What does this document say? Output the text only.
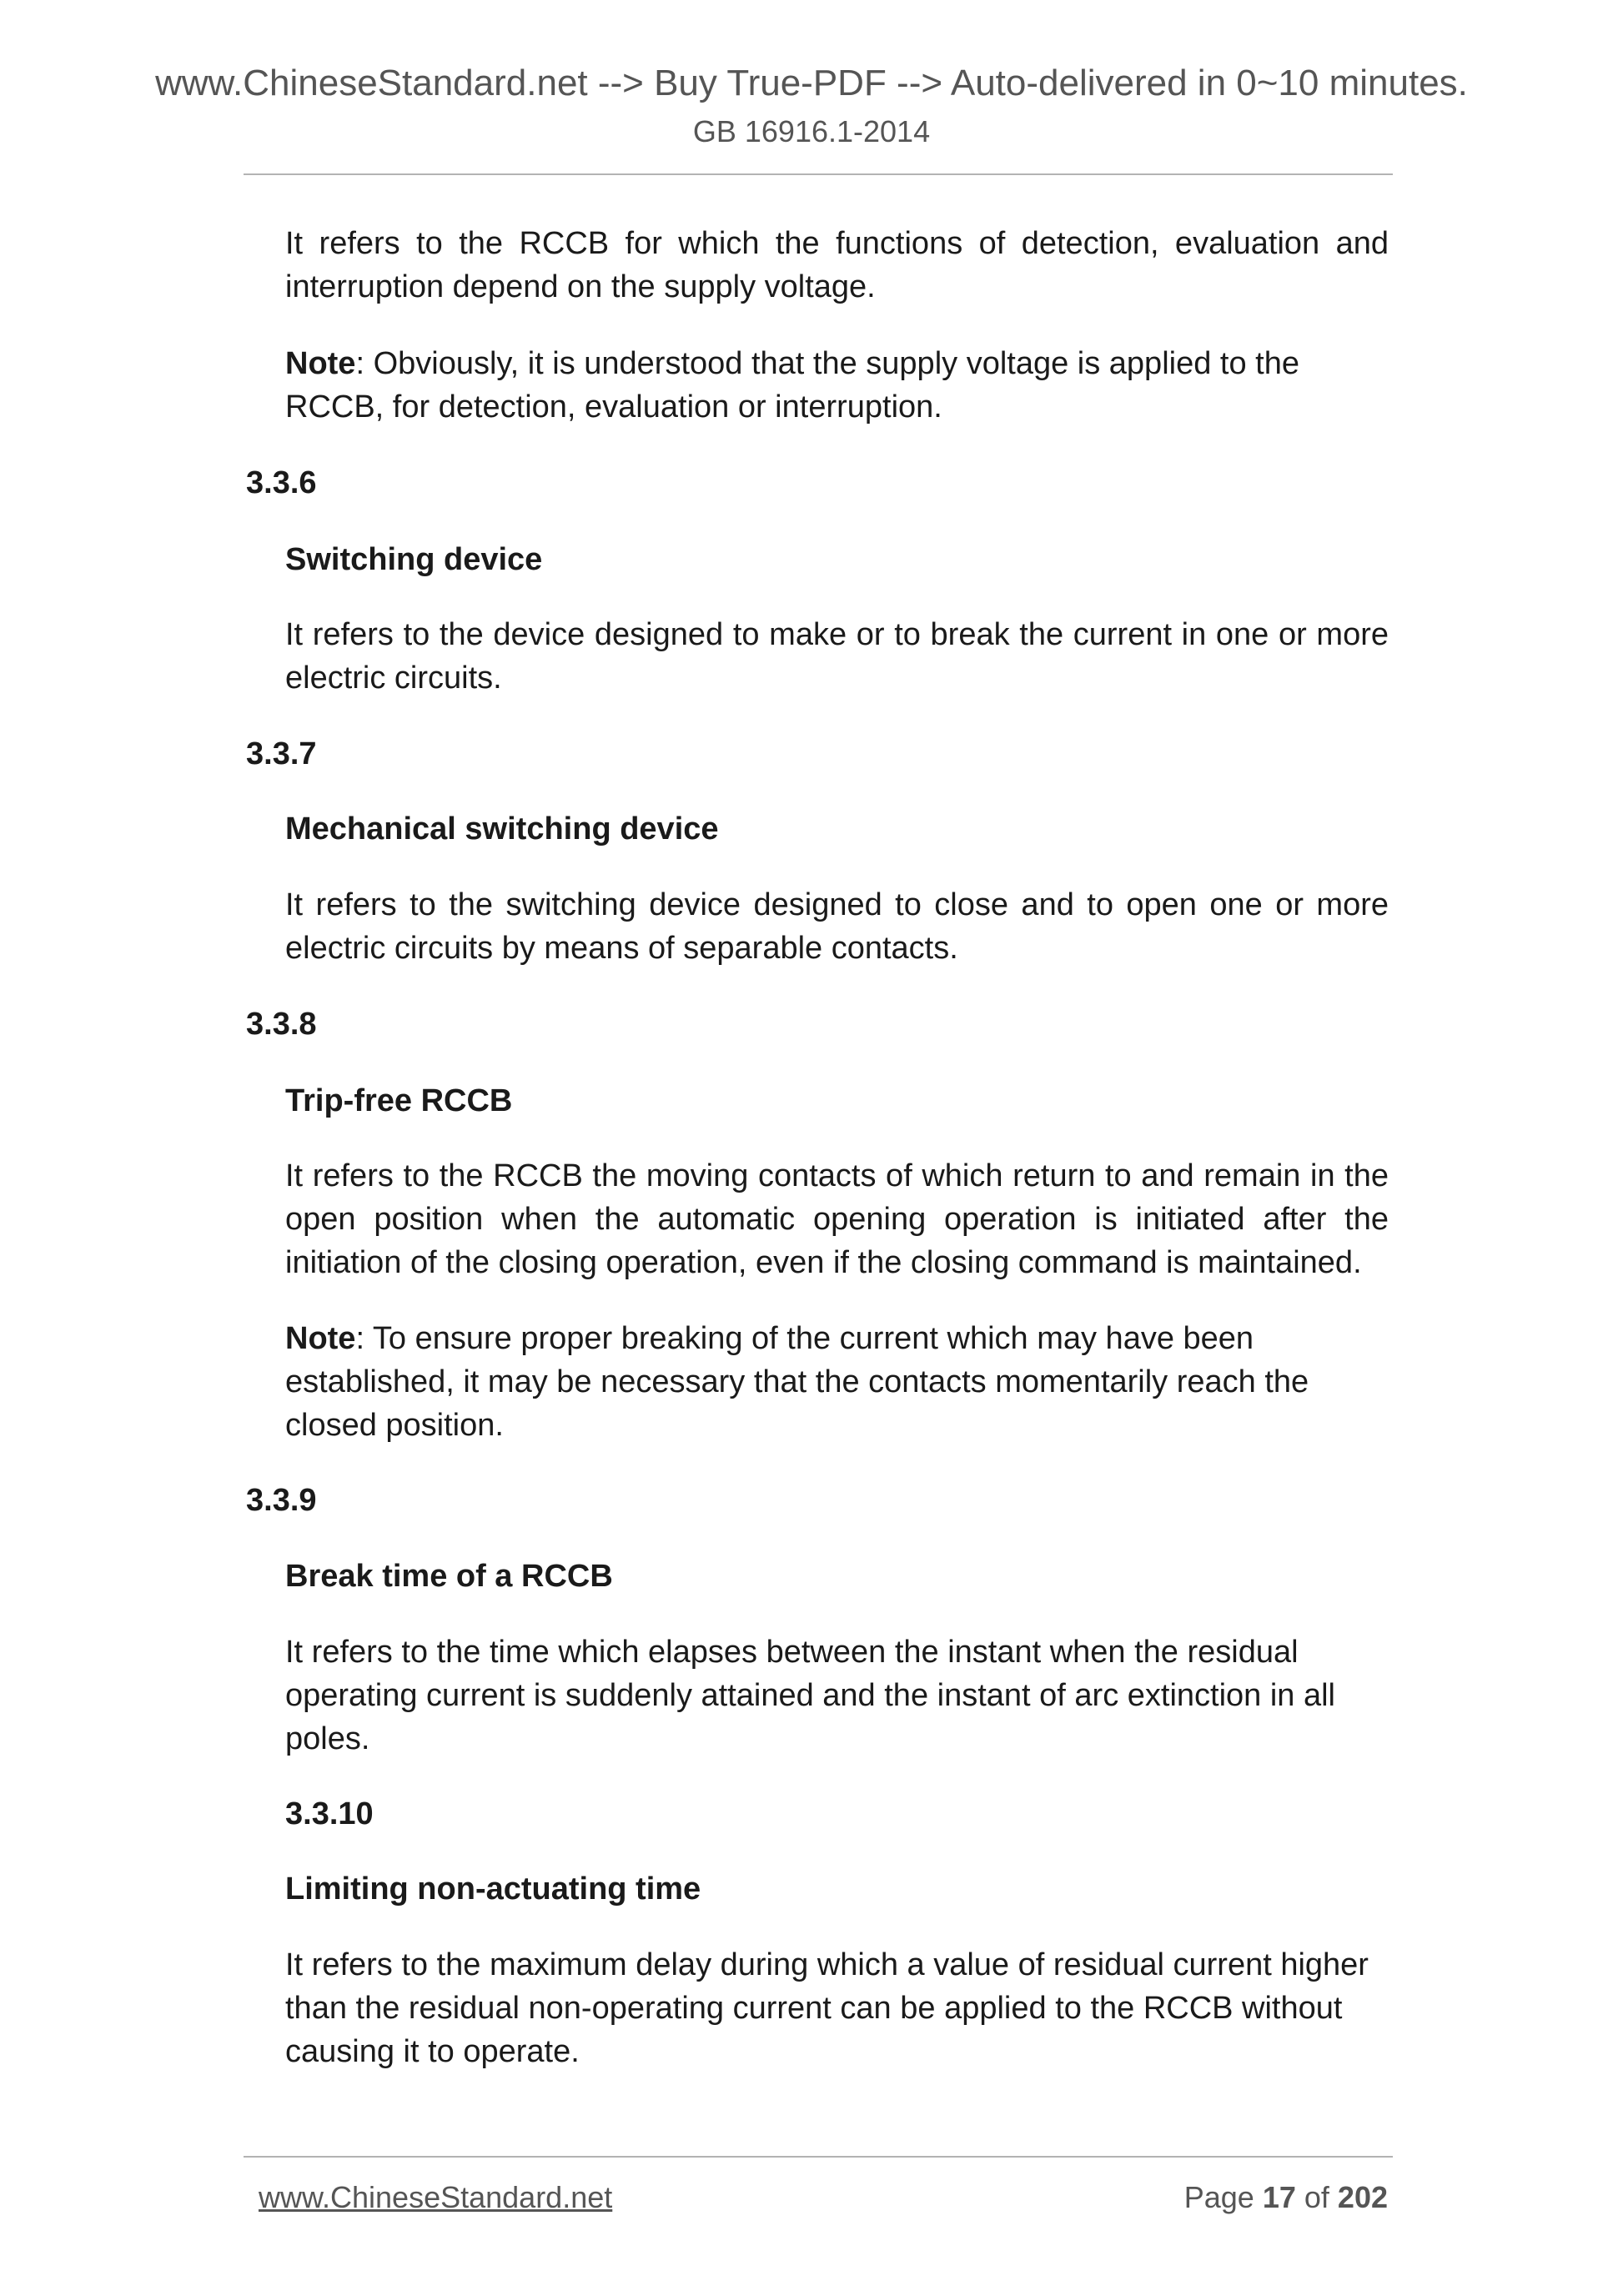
www.ChineseStandard.net --> Buy True-PDF --> Auto-delivered in 0~10 minutes.
GB 16916.1-2014

It refers to the RCCB for which the functions of detection, evaluation and interruption depend on the supply voltage.

Note: Obviously, it is understood that the supply voltage is applied to the RCCB, for detection, evaluation or interruption.

3.3.6

Switching device

It refers to the device designed to make or to break the current in one or more electric circuits.

3.3.7

Mechanical switching device

It refers to the switching device designed to close and to open one or more electric circuits by means of separable contacts.

3.3.8

Trip-free RCCB

It refers to the RCCB the moving contacts of which return to and remain in the open position when the automatic opening operation is initiated after the initiation of the closing operation, even if the closing command is maintained.

Note: To ensure proper breaking of the current which may have been established, it may be necessary that the contacts momentarily reach the closed position.

3.3.9

Break time of a RCCB

It refers to the time which elapses between the instant when the residual operating current is suddenly attained and the instant of arc extinction in all poles.

3.3.10

Limiting non-actuating time

It refers to the maximum delay during which a value of residual current higher than the residual non-operating current can be applied to the RCCB without causing it to operate.

www.ChineseStandard.net	Page 17 of 202
